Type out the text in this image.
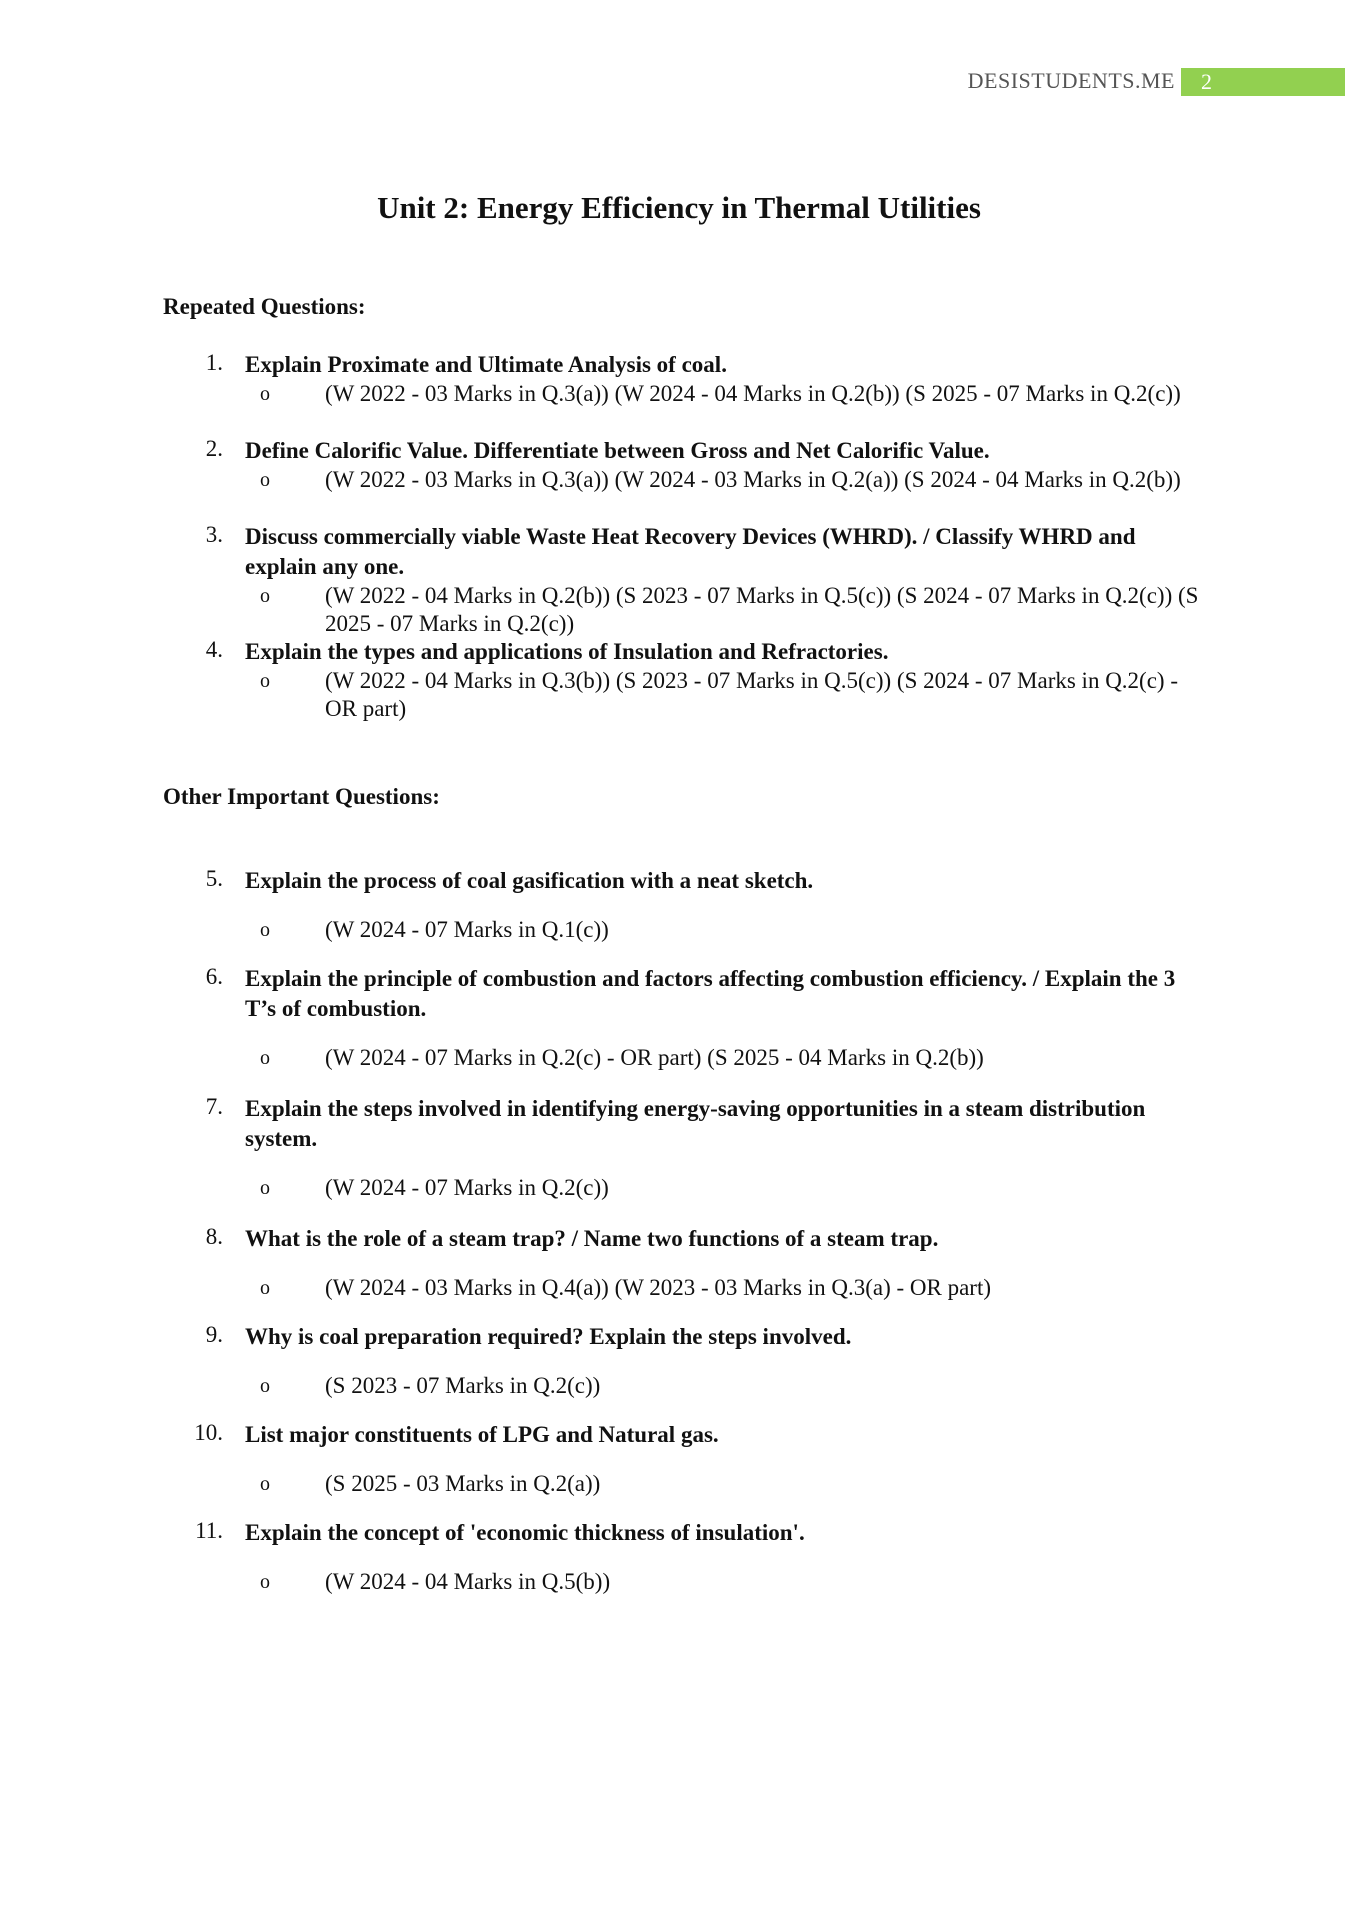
DESISTUDENTS.ME	2
Unit 2: Energy Efficiency in Thermal Utilities
Repeated Questions:
1. Explain Proximate and Ultimate Analysis of coal.
o	(W 2022 - 03 Marks in Q.3(a)) (W 2024 - 04 Marks in Q.2(b)) (S 2025 - 07 Marks in Q.2(c))
2. Define Calorific Value. Differentiate between Gross and Net Calorific Value.
o	(W 2022 - 03 Marks in Q.3(a)) (W 2024 - 03 Marks in Q.2(a)) (S 2024 - 04 Marks in Q.2(b))
3. Discuss commercially viable Waste Heat Recovery Devices (WHRD). / Classify WHRD and explain any one.
o	(W 2022 - 04 Marks in Q.2(b)) (S 2023 - 07 Marks in Q.5(c)) (S 2024 - 07 Marks in Q.2(c)) (S 2025 - 07 Marks in Q.2(c))
4. Explain the types and applications of Insulation and Refractories.
o	(W 2022 - 04 Marks in Q.3(b)) (S 2023 - 07 Marks in Q.5(c)) (S 2024 - 07 Marks in Q.2(c) - OR part)
Other Important Questions:
5. Explain the process of coal gasification with a neat sketch.
o	(W 2024 - 07 Marks in Q.1(c))
6. Explain the principle of combustion and factors affecting combustion efficiency. / Explain the 3 T’s of combustion.
o	(W 2024 - 07 Marks in Q.2(c) - OR part) (S 2025 - 04 Marks in Q.2(b))
7. Explain the steps involved in identifying energy-saving opportunities in a steam distribution system.
o	(W 2024 - 07 Marks in Q.2(c))
8. What is the role of a steam trap? / Name two functions of a steam trap.
o	(W 2024 - 03 Marks in Q.4(a)) (W 2023 - 03 Marks in Q.3(a) - OR part)
9. Why is coal preparation required? Explain the steps involved.
o	(S 2023 - 07 Marks in Q.2(c))
10. List major constituents of LPG and Natural gas.
o	(S 2025 - 03 Marks in Q.2(a))
11. Explain the concept of 'economic thickness of insulation'.
o	(W 2024 - 04 Marks in Q.5(b))
